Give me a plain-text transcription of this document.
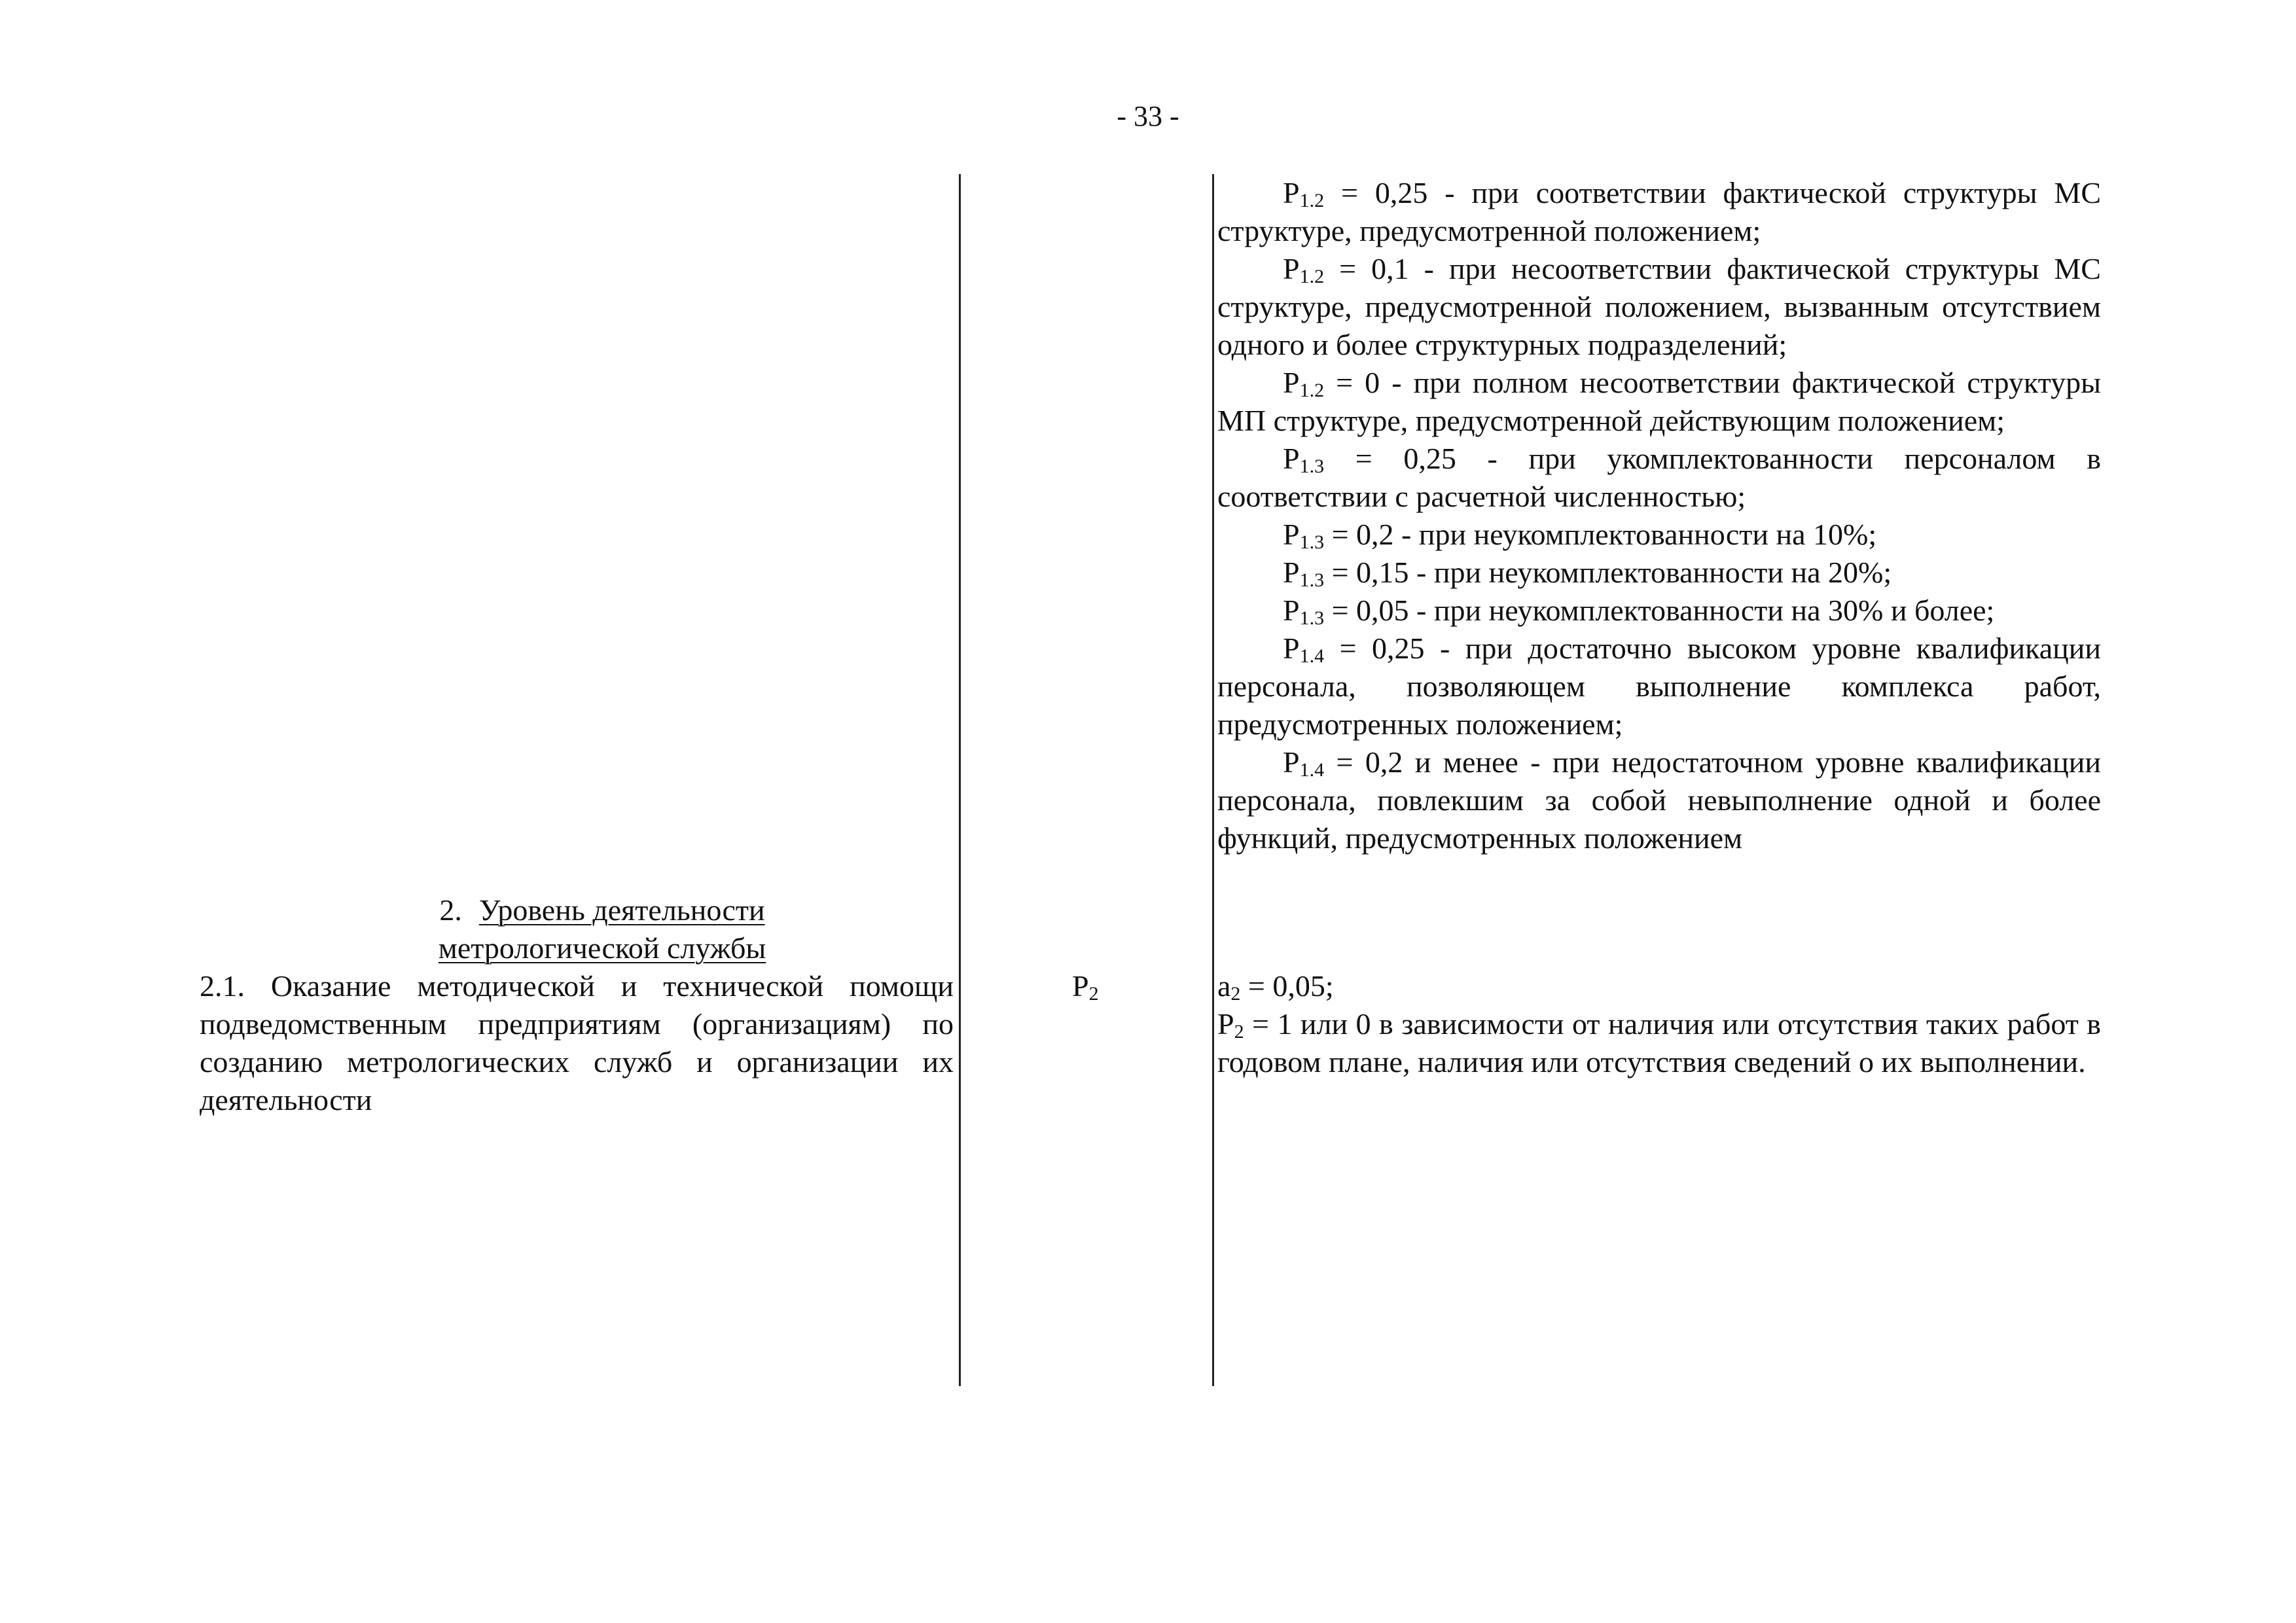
- 33 -

$P_{1.2} = 0,25$ - при соответствии фактической структуры МС структуре, предусмотренной положением;

$P_{1.2} = 0,1$ - при несоответствии фактической структуры МС структуре, предусмотренной положением, вызванным отсутствием одного и более структурных подразделений;

$P_{1.2} = 0$ - при полном несоответствии фактической структуры МП структуре, предусмотренной действующим положением;

$P_{1.3} = 0,25$ - при укомплектованности персоналом в соответствии с расчетной численностью;

$P_{1.3} = 0,2$ - при неукомплектованности на 10%;

$P_{1.3} = 0,15$ - при неукомплектованности на 20%;

$P_{1.3} = 0,05$ - при неукомплектованности на 30% и более;

$P_{1.4} = 0,25$ - при достаточно высоком уровне квалификации персонала, позволяющем выполнение комплекса работ, предусмотренных положением;

$P_{1.4} = 0,2$ и менее - при недостаточном уровне квалификации персонала, повлекшим за собой невыполнение одной и более функций, предусмотренных положением

2. Уровень деятельности
метрологической службы

2.1. Оказание методической и технической помощи подведомственным предприятиям (организациям) по созданию метрологических служб и организации их деятельности

$P_2$	$a_2 = 0,05$;

$P_2 = 1$ или 0 в зависимости от наличия или отсутствия таких работ в годовом плане, наличия или отсутствия сведений о их выполнении.
